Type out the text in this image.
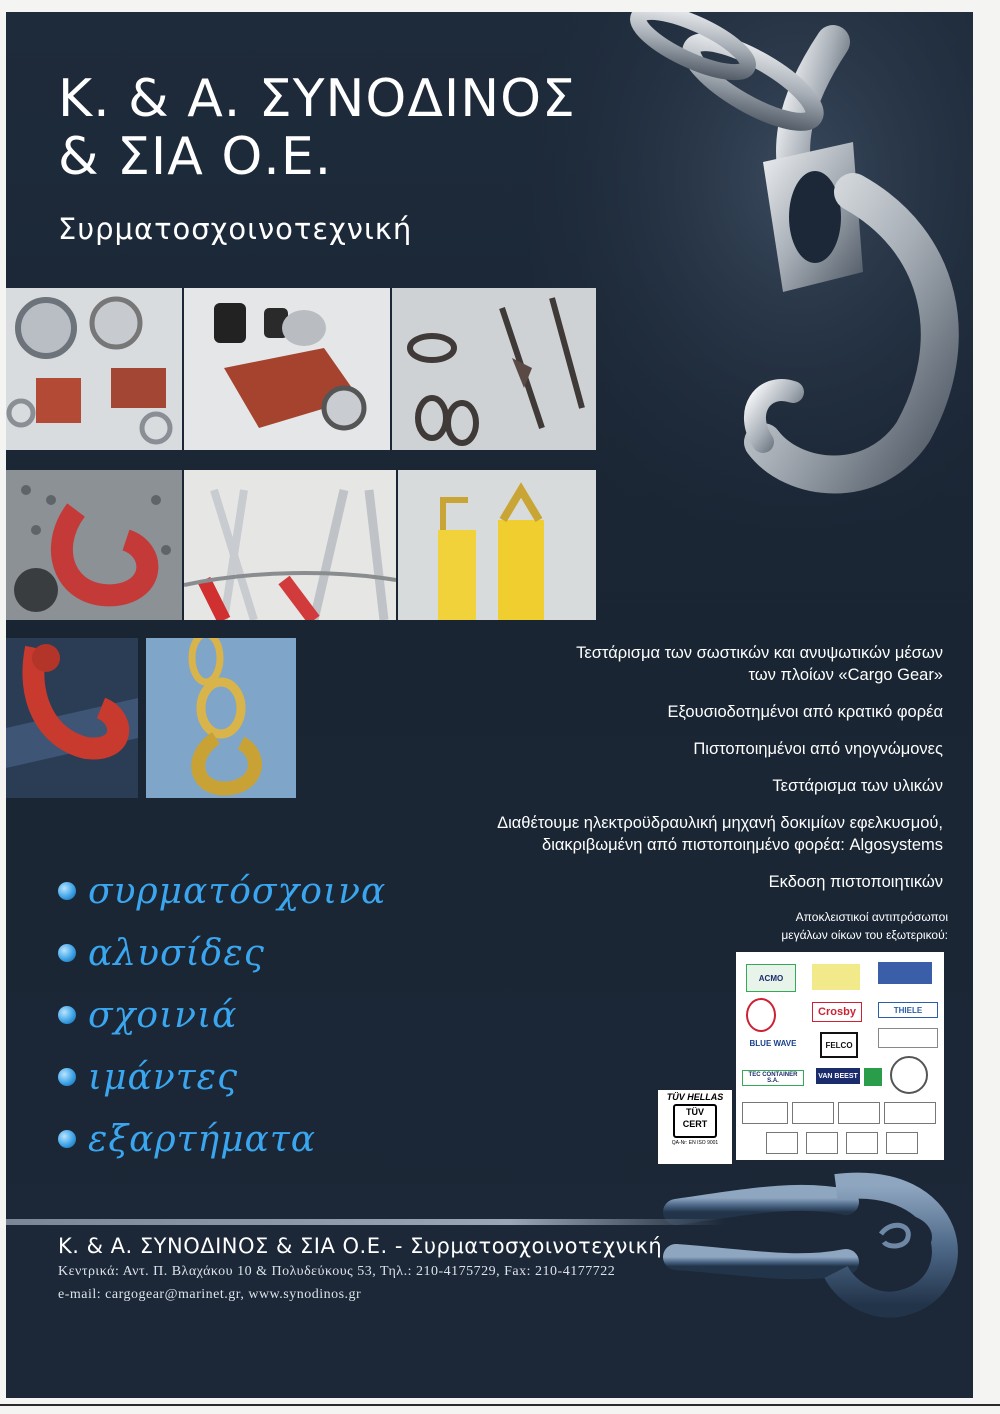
Κ. & Α. ΣΥΝΟΔΙΝΟΣ
& ΣΙΑ Ο.Ε.
Συρματοσχοινοτεχνική
Τεστάρισμα των σωστικών και ανυψωτικών μέσων
των πλοίων «Cargo Gear»
Εξουσιοδοτημένοι από κρατικό φορέα
Πιστοποιημένοι από νηογνώμονες
Τεστάρισμα των υλικών
Διαθέτουμε ηλεκτροϋδραυλική μηχανή δοκιμίων εφελκυσμού,
διακριβωμένη από πιστοποιημένο φορέα: Algosystems
Εκδοση πιστοποιητικών
συρματόσχοινα
αλυσίδες
σχοινιά
ιμάντες
εξαρτήματα
Αποκλειστικοί αντιπρόσωποι
μεγάλων οίκων του εξωτερικού:
ACMO
Crosby	THIELE
BLUE WAVE	FELCO
TEC CONTAINER S.A.
VAN BEEST
TÜV HELLAS
TÜV CERT
QA-Nr: EN ISO 9001
Κ. & Α. ΣΥΝΟΔΙΝΟΣ & ΣΙΑ Ο.Ε. - Συρματοσχοινοτεχνική
Κεντρικά: Αντ. Π. Βλαχάκου 10 & Πολυδεύκους 53, Τηλ.: 210-4175729, Fax: 210-4177722
e-mail: cargogear@marinet.gr, www.synodinos.gr
